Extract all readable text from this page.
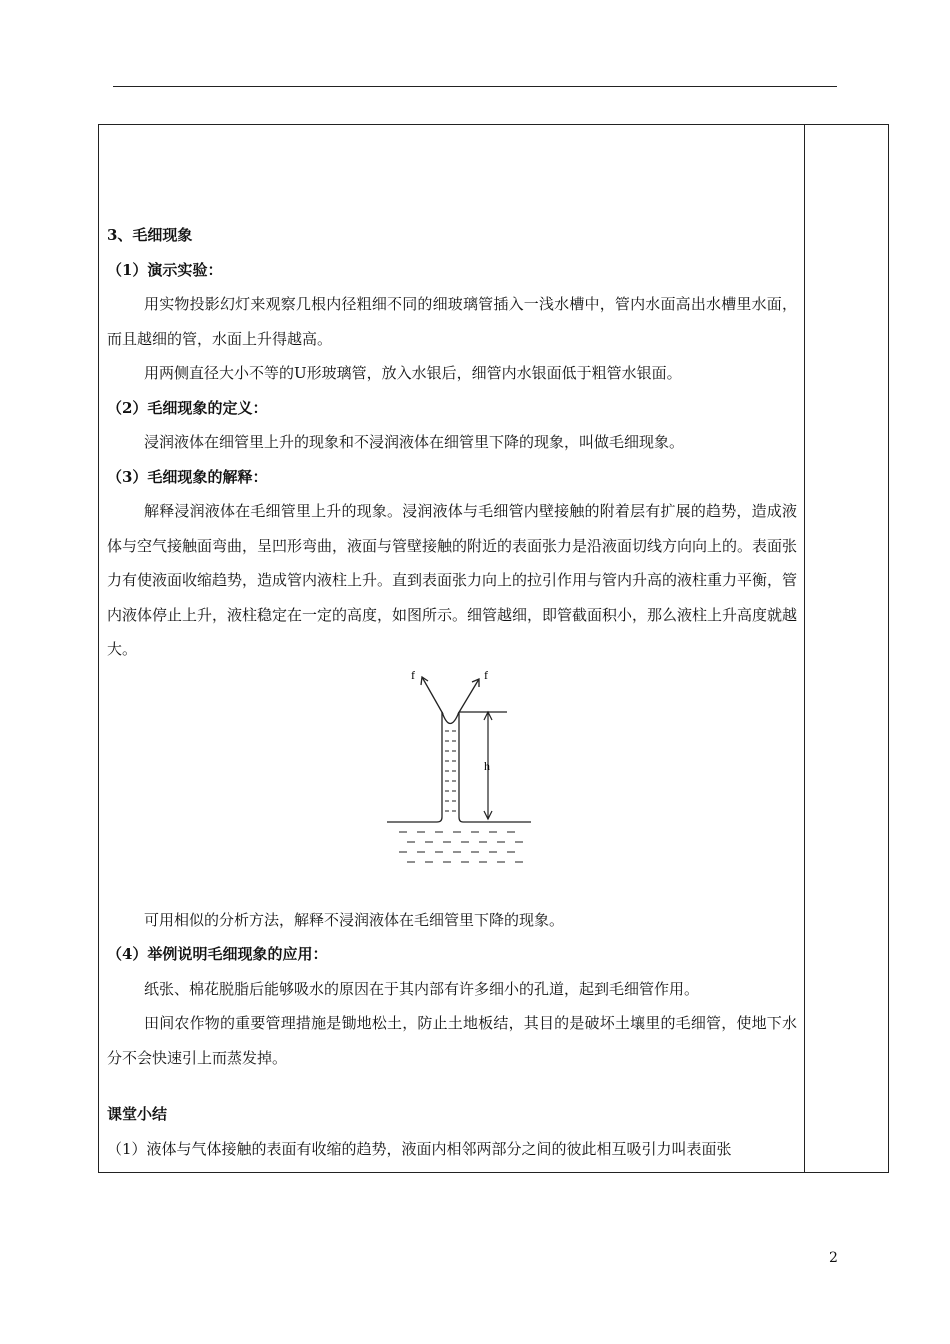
3、毛细现象

（1）演示实验：

用实物投影幻灯来观察几根内径粗细不同的细玻璃管插入一浅水槽中，管内水面高出水槽里水面，而且越细的管，水面上升得越高。

用两侧直径大小不等的U形玻璃管，放入水银后，细管内水银面低于粗管水银面。

（2）毛细现象的定义：

浸润液体在细管里上升的现象和不浸润液体在细管里下降的现象，叫做毛细现象。

（3）毛细现象的解释：

解释浸润液体在毛细管里上升的现象。浸润液体与毛细管内壁接触的附着层有扩展的趋势，造成液体与空气接触面弯曲，呈凹形弯曲，液面与管壁接触的附近的表面张力是沿液面切线方向向上的。表面张力有使液面收缩趋势，造成管内液柱上升。直到表面张力向上的拉引作用与管内升高的液柱重力平衡，管内液体停止上升，液柱稳定在一定的高度，如图所示。细管越细，即管截面积小，那么液柱上升高度就越大。

f	f
h

可用相似的分析方法，解释不浸润液体在毛细管里下降的现象。

（4）举例说明毛细现象的应用：

纸张、棉花脱脂后能够吸水的原因在于其内部有许多细小的孔道，起到毛细管作用。

田间农作物的重要管理措施是锄地松土，防止土地板结，其目的是破坏土壤里的毛细管，使地下水分不会快速引上而蒸发掉。

课堂小结

（1）液体与气体接触的表面有收缩的趋势，液面内相邻两部分之间的彼此相互吸引力叫表面张

2
